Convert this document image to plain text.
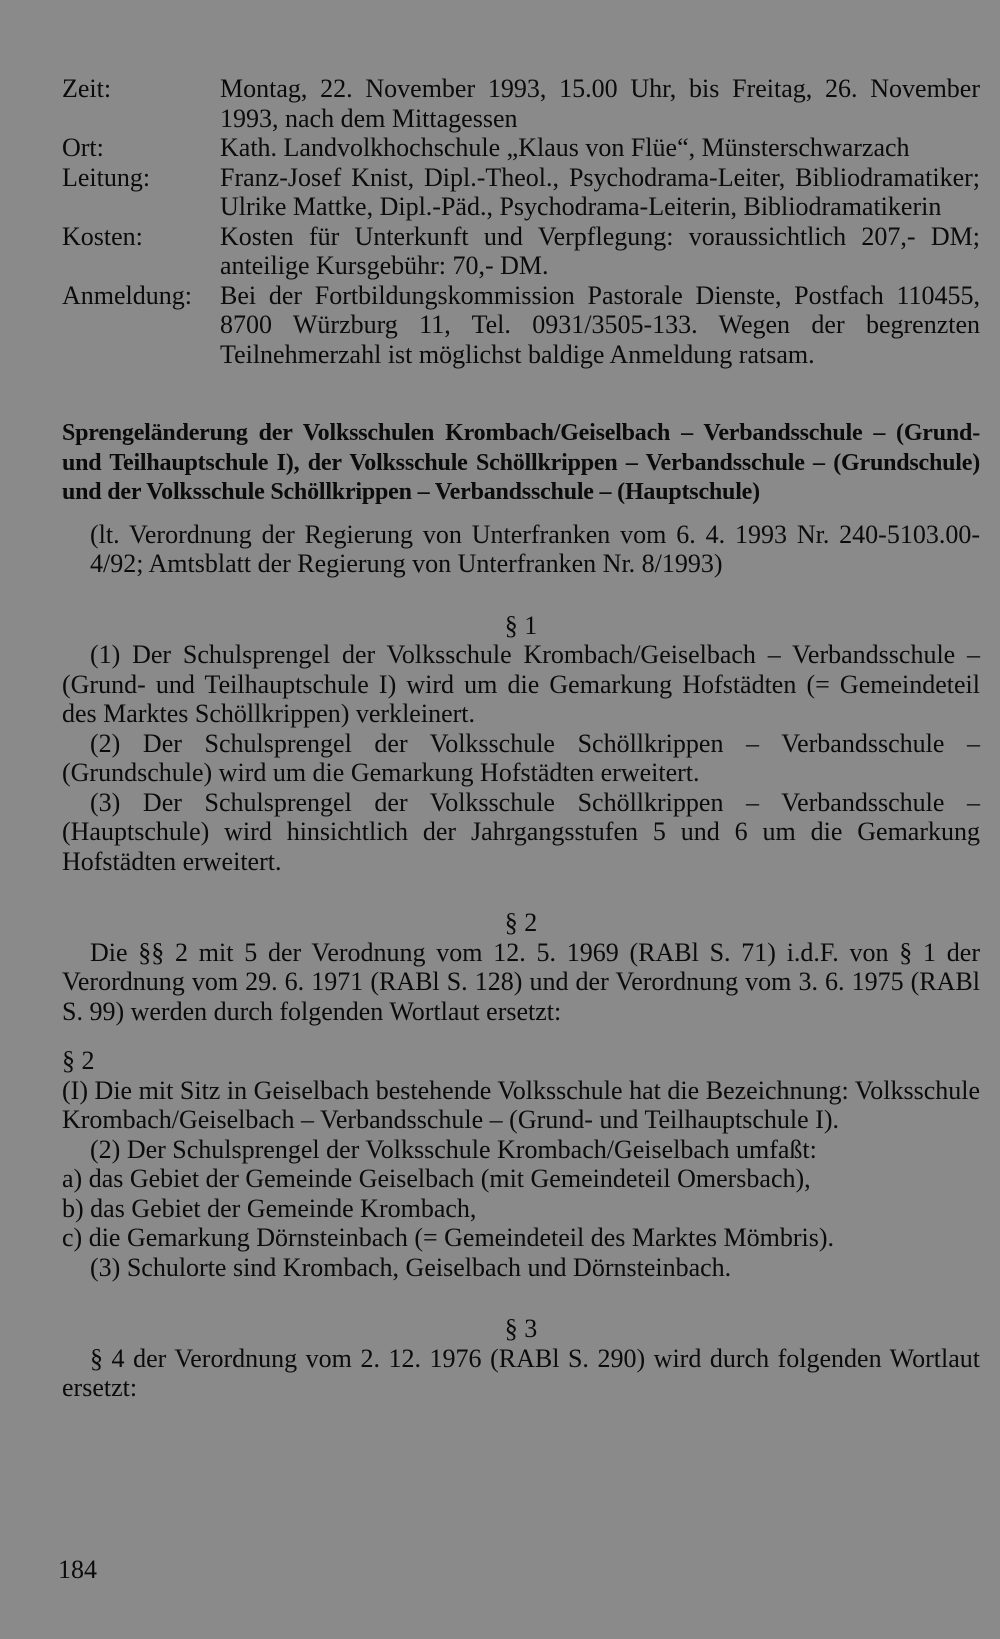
Zeit:	Montag, 22. November 1993, 15.00 Uhr, bis Freitag, 26. November 1993, nach dem Mittagessen
Ort:	Kath. Landvolkhochschule „Klaus von Flüe“, Münsterschwarzach
Leitung:	Franz-Josef Knist, Dipl.-Theol., Psychodrama-Leiter, Bibliodramatiker; Ulrike Mattke, Dipl.-Päd., Psychodrama-Leiterin, Bibliodramatikerin
Kosten:	Kosten für Unterkunft und Verpflegung: voraussichtlich 207,- DM; anteilige Kursgebühr: 70,- DM.
Anmeldung:	Bei der Fortbildungskommission Pastorale Dienste, Postfach 110455, 8700 Würzburg 11, Tel. 0931/3505-133. Wegen der begrenzten Teilnehmerzahl ist möglichst baldige Anmeldung ratsam.
Sprengeländerung der Volksschulen Krombach/Geiselbach – Verbandsschule – (Grund- und Teilhauptschule I), der Volksschule Schöllkrippen – Verbandsschule – (Grundschule) und der Volksschule Schöllkrippen – Verbandsschule – (Hauptschule)
(lt. Verordnung der Regierung von Unterfranken vom 6. 4. 1993 Nr. 240-5103.00-4/92; Amtsblatt der Regierung von Unterfranken Nr. 8/1993)
§ 1
(1) Der Schulsprengel der Volksschule Krombach/Geiselbach – Verbandsschule – (Grund- und Teilhauptschule I) wird um die Gemarkung Hofstädten (= Gemeindeteil des Marktes Schöllkrippen) verkleinert.
(2) Der Schulsprengel der Volksschule Schöllkrippen – Verbandsschule – (Grundschule) wird um die Gemarkung Hofstädten erweitert.
(3) Der Schulsprengel der Volksschule Schöllkrippen – Verbandsschule – (Hauptschule) wird hinsichtlich der Jahrgangsstufen 5 und 6 um die Gemarkung Hofstädten erweitert.
§ 2
Die §§ 2 mit 5 der Verodnung vom 12. 5. 1969 (RABl S. 71) i.d.F. von § 1 der Verordnung vom 29. 6. 1971 (RABl S. 128) und der Verordnung vom 3. 6. 1975 (RABl S. 99) werden durch folgenden Wortlaut ersetzt:
§ 2
(I) Die mit Sitz in Geiselbach bestehende Volksschule hat die Bezeichnung: Volksschule Krombach/Geiselbach – Verbandsschule – (Grund- und Teilhauptschule I).
(2) Der Schulsprengel der Volksschule Krombach/Geiselbach umfaßt:
a) das Gebiet der Gemeinde Geiselbach (mit Gemeindeteil Omersbach),
b) das Gebiet der Gemeinde Krombach,
c) die Gemarkung Dörnsteinbach (= Gemeindeteil des Marktes Mömbris).
(3) Schulorte sind Krombach, Geiselbach und Dörnsteinbach.
§ 3
§ 4 der Verordnung vom 2. 12. 1976 (RABl S. 290) wird durch folgenden Wortlaut ersetzt:
184
